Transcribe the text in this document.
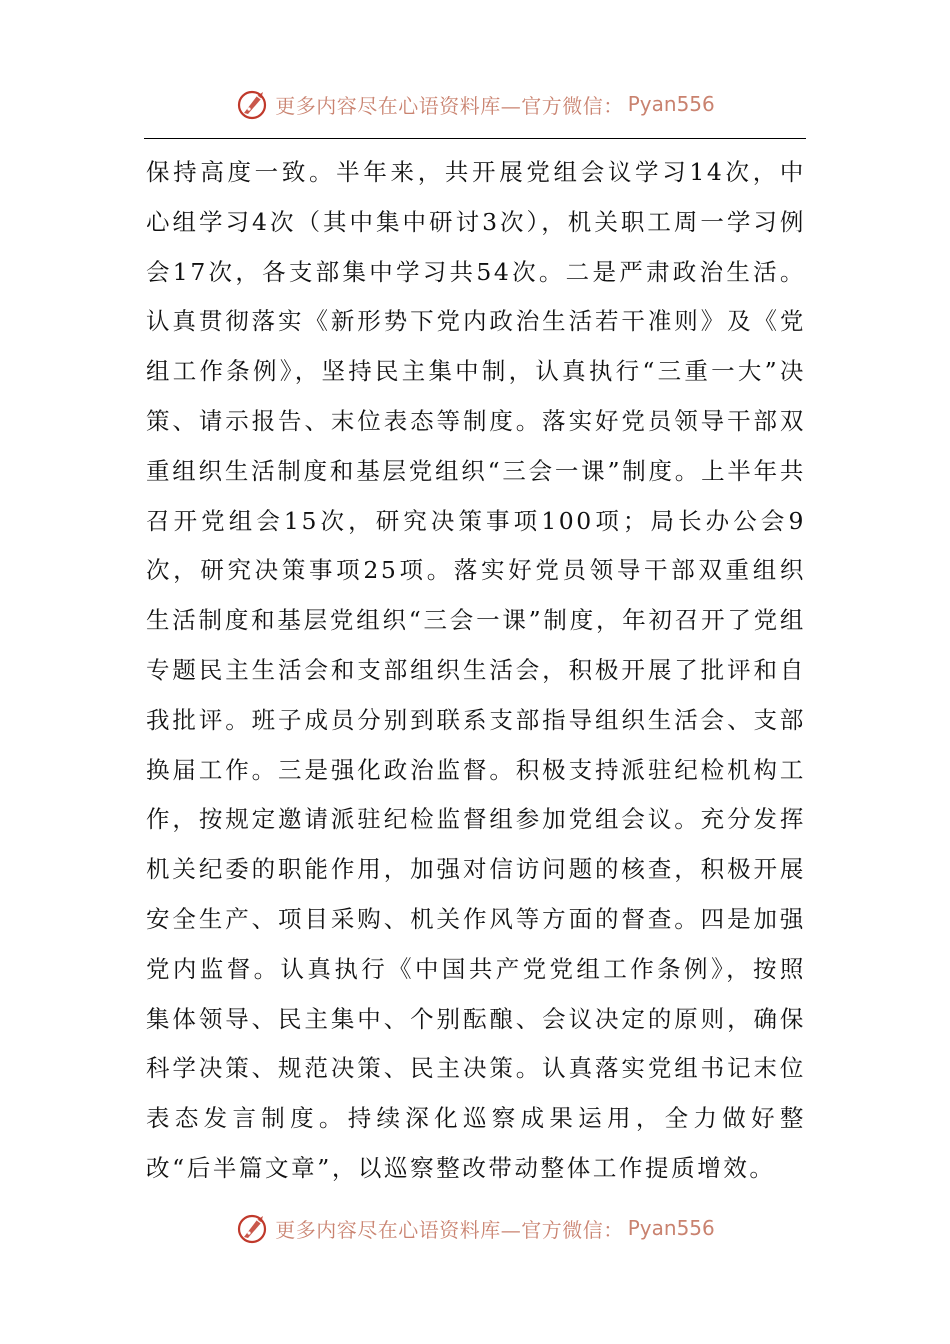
更多内容尽在心语资料库—官方微信： Pyan556

保持高度一致。半年来，共开展党组会议学习14次，中心组学习4次（其中集中研讨3次），机关职工周一学习例会17次，各支部集中学习共54次。二是严肃政治生活。认真贯彻落实《新形势下党内政治生活若干准则》及《党组工作条例》，坚持民主集中制，认真执行“三重一大”决策、请示报告、末位表态等制度。落实好党员领导干部双重组织生活制度和基层党组织“三会一课”制度。上半年共召开党组会15次，研究决策事项100项；局长办公会9次，研究决策事项25项。落实好党员领导干部双重组织生活制度和基层党组织“三会一课”制度，年初召开了党组专题民主生活会和支部组织生活会，积极开展了批评和自我批评。班子成员分别到联系支部指导组织生活会、支部换届工作。三是强化政治监督。积极支持派驻纪检机构工作，按规定邀请派驻纪检监督组参加党组会议。充分发挥机关纪委的职能作用，加强对信访问题的核查，积极开展安全生产、项目采购、机关作风等方面的督查。四是加强党内监督。认真执行《中国共产党党组工作条例》，按照集体领导、民主集中、个别酝酿、会议决定的原则，确保科学决策、规范决策、民主决策。认真落实党组书记末位表态发言制度。持续深化巡察成果运用，全力做好整改“后半篇文章”，以巡察整改带动整体工作提质增效。

更多内容尽在心语资料库—官方微信： Pyan556
